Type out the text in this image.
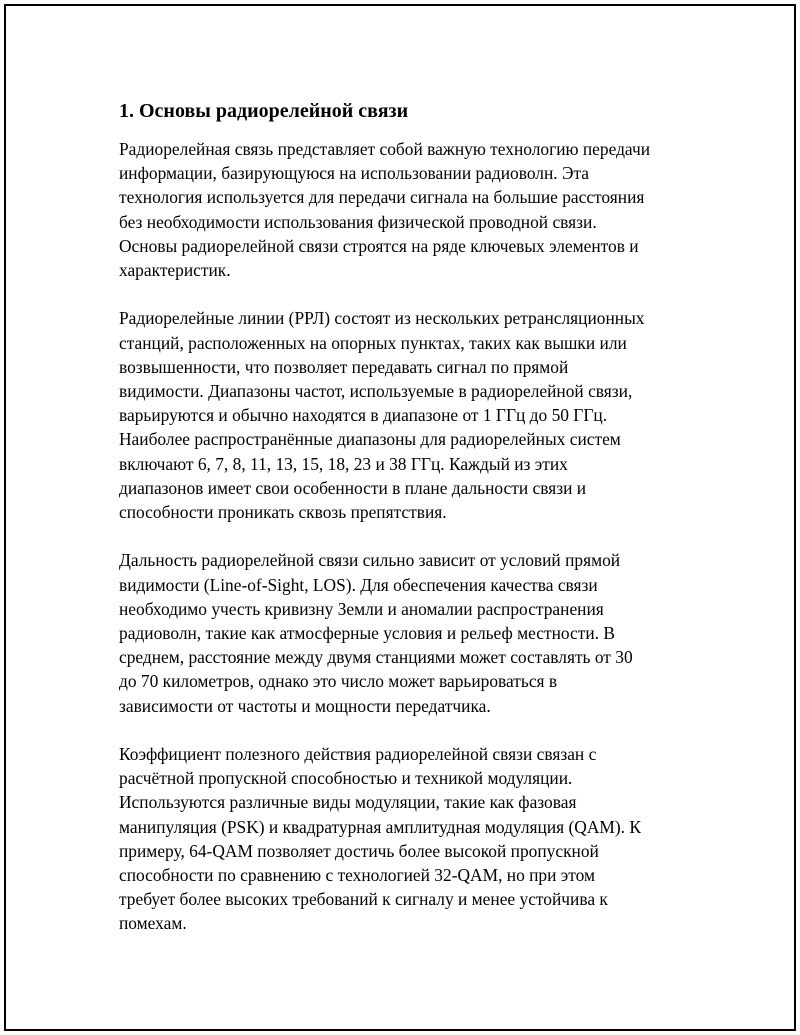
1. Основы радиорелейной связи

Радиорелейная связь представляет собой важную технологию передачи
информации, базирующуюся на использовании радиоволн. Эта
технология используется для передачи сигнала на большие расстояния
без необходимости использования физической проводной связи.
Основы радиорелейной связи строятся на ряде ключевых элементов и
характеристик.

Радиорелейные линии (РРЛ) состоят из нескольких ретрансляционных
станций, расположенных на опорных пунктах, таких как вышки или
возвышенности, что позволяет передавать сигнал по прямой
видимости. Диапазоны частот, используемые в радиорелейной связи,
варьируются и обычно находятся в диапазоне от 1 ГГц до 50 ГГц.
Наиболее распространённые диапазоны для радиорелейных систем
включают 6, 7, 8, 11, 13, 15, 18, 23 и 38 ГГц. Каждый из этих
диапазонов имеет свои особенности в плане дальности связи и
способности проникать сквозь препятствия.

Дальность радиорелейной связи сильно зависит от условий прямой
видимости (Line-of-Sight, LOS). Для обеспечения качества связи
необходимо учесть кривизну Земли и аномалии распространения
радиоволн, такие как атмосферные условия и рельеф местности. В
среднем, расстояние между двумя станциями может составлять от 30
до 70 километров, однако это число может варьироваться в
зависимости от частоты и мощности передатчика.

Коэффициент полезного действия радиорелейной связи связан с
расчётной пропускной способностью и техникой модуляции.
Используются различные виды модуляции, такие как фазовая
манипуляция (PSK) и квадратурная амплитудная модуляция (QAM). К
примеру, 64-QAM позволяет достичь более высокой пропускной
способности по сравнению с технологией 32-QAM, но при этом
требует более высоких требований к сигналу и менее устойчива к
помехам.
